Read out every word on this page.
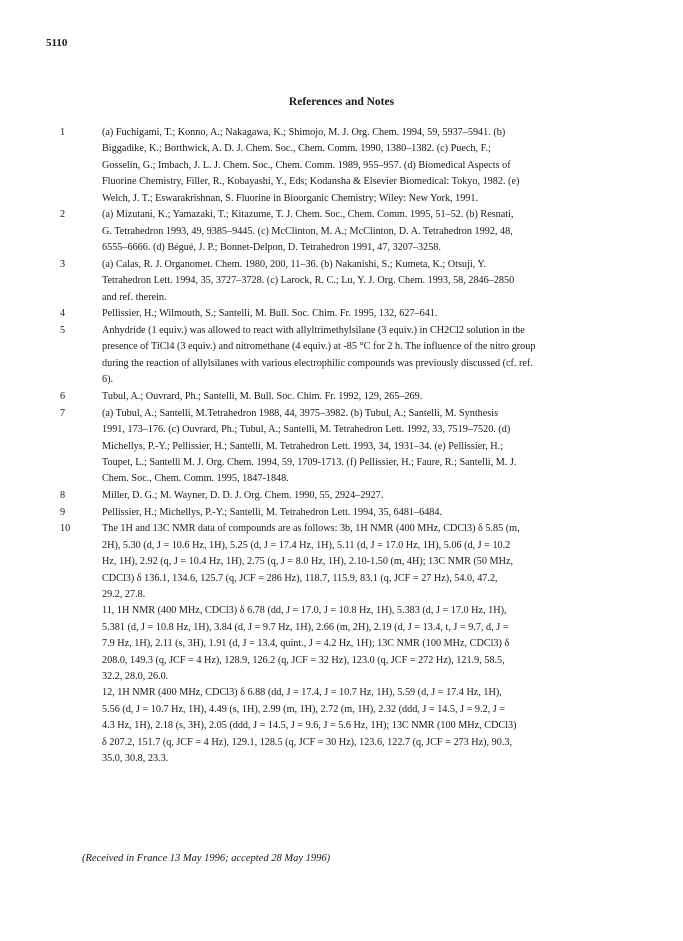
5110
References and Notes
1	(a) Fuchigami, T.; Konno, A.; Nakagawa, K.; Shimojo, M. J. Org. Chem. 1994, 59, 5937–5941. (b)
Biggadike, K.; Borthwick, A. D. J. Chem. Soc., Chem. Comm. 1990, 1380–1382. (c) Puech, F.;
Gosselin, G.; Imbach, J. L. J. Chem. Soc., Chem. Comm. 1989, 955–957. (d) Biomedical Aspects of
Fluorine Chemistry, Filler, R., Kobayashi, Y., Eds; Kodansha & Elsevier Biomedical: Tokyo, 1982. (e)
Welch, J. T.; Eswarakrishnan, S. Fluorine in Bioorganic Chemistry; Wiley: New York, 1991.
2	(a) Mizutani, K.; Yamazaki, T.; Kitazume, T. J. Chem. Soc., Chem. Comm. 1995, 51–52. (b) Resnati,
G. Tetrahedron 1993, 49, 9385–9445. (c) McClinton, M. A.; McClinton, D. A. Tetrahedron 1992, 48,
6555–6666. (d) Bégué, J. P.; Bonnet-Delpon, D. Tetrahedron 1991, 47, 3207–3258.
3	(a) Calas, R. J. Organomet. Chem. 1980, 200, 11–36. (b) Nakanishi, S.; Kumeta, K.; Otsuji, Y.
Tetrahedron Lett. 1994, 35, 3727–3728. (c) Larock, R. C.; Lu, Y. J. Org. Chem. 1993, 58, 2846–2850
and ref. therein.
4	Pellissier, H.; Wilmouth, S.; Santelli, M. Bull. Soc. Chim. Fr. 1995, 132, 627–641.
5	Anhydride (1 equiv.) was allowed to react with allyltrimethylsilane (3 equiv.) in CH2Cl2 solution in the
presence of TiCl4 (3 equiv.) and nitromethane (4 equiv.) at -85 °C for 2 h. The influence of the nitro group
during the reaction of allylsilanes with various electrophilic compounds was previously discussed (cf. ref.
6).
6	Tubul, A.; Ouvrard, Ph.; Santelli, M. Bull. Soc. Chim. Fr. 1992, 129, 265–269.
7	(a) Tubul, A.; Santelli, M.Tetrahedron 1988, 44, 3975–3982. (b) Tubul, A.; Santelli, M. Synthesis
1991, 173–176. (c) Ouvrard, Ph.; Tubul, A.; Santelli, M. Tetrahedron Lett. 1992, 33, 7519–7520. (d)
Michellys, P.-Y.; Pellissier, H.; Santelli, M. Tetrahedron Lett. 1993, 34, 1931–34. (e) Pellissier, H.;
Toupet, L.; Santelli M. J. Org. Chem. 1994, 59, 1709-1713. (f) Pellissier, H.; Faure, R.; Santelli, M. J.
Chem. Soc., Chem. Comm. 1995, 1847-1848.
8	Miller, D. G.; M. Wayner, D. D. J. Org. Chem. 1990, 55, 2924–2927.
9	Pellissier, H.; Michellys, P.-Y.; Santelli, M. Tetrahedron Lett. 1994, 35, 6481–6484.
10	The 1H and 13C NMR data of compounds are as follows: 3b, 1H NMR (400 MHz, CDCl3) δ 5.85 (m,
2H), 5.30 (d, J = 10.6 Hz, 1H), 5.25 (d, J = 17.4 Hz, 1H), 5.11 (d, J = 17.0 Hz, 1H), 5.06 (d, J = 10.2
Hz, 1H), 2.92 (q, J = 10.4 Hz, 1H), 2.75 (q, J = 8.0 Hz, 1H), 2.10-1.50 (m, 4H); 13C NMR (50 MHz,
CDCl3) δ 136.1, 134.6, 125.7 (q, JCF = 286 Hz), 118.7, 115.9, 83.1 (q, JCF = 27 Hz), 54.0, 47.2,
29.2, 27.8.
11, 1H NMR (400 MHz, CDCl3) δ 6.78 (dd, J = 17.0, J = 10.8 Hz, 1H), 5.383 (d, J = 17.0 Hz, 1H),
5.381 (d, J = 10.8 Hz, 1H), 3.84 (d, J = 9.7 Hz, 1H), 2.66 (m, 2H), 2.19 (d, J = 13.4, t, J = 9.7, d, J =
7.9 Hz, 1H), 2.11 (s, 3H), 1.91 (d, J = 13.4, quint., J = 4.2 Hz, 1H); 13C NMR (100 MHz, CDCl3) δ
208.0, 149.3 (q, JCF = 4 Hz), 128.9, 126.2 (q, JCF = 32 Hz), 123.0 (q, JCF = 272 Hz), 121.9, 58.5,
32.2, 28.0, 26.0.
12, 1H NMR (400 MHz, CDCl3) δ 6.88 (dd, J = 17.4, J = 10.7 Hz, 1H), 5.59 (d, J = 17.4 Hz, 1H),
5.56 (d, J = 10.7 Hz, 1H), 4.49 (s, 1H), 2.99 (m, 1H), 2.72 (m, 1H), 2.32 (ddd, J = 14.5, J = 9.2, J =
4.3 Hz, 1H), 2.18 (s, 3H), 2.05 (ddd, J = 14.5, J = 9.6, J = 5.6 Hz, 1H); 13C NMR (100 MHz, CDCl3)
δ 207.2, 151.7 (q, JCF = 4 Hz), 129.1, 128.5 (q, JCF = 30 Hz), 123.6, 122.7 (q, JCF = 273 Hz), 90.3,
35.0, 30.8, 23.3.
(Received in France 13 May 1996; accepted 28 May 1996)
